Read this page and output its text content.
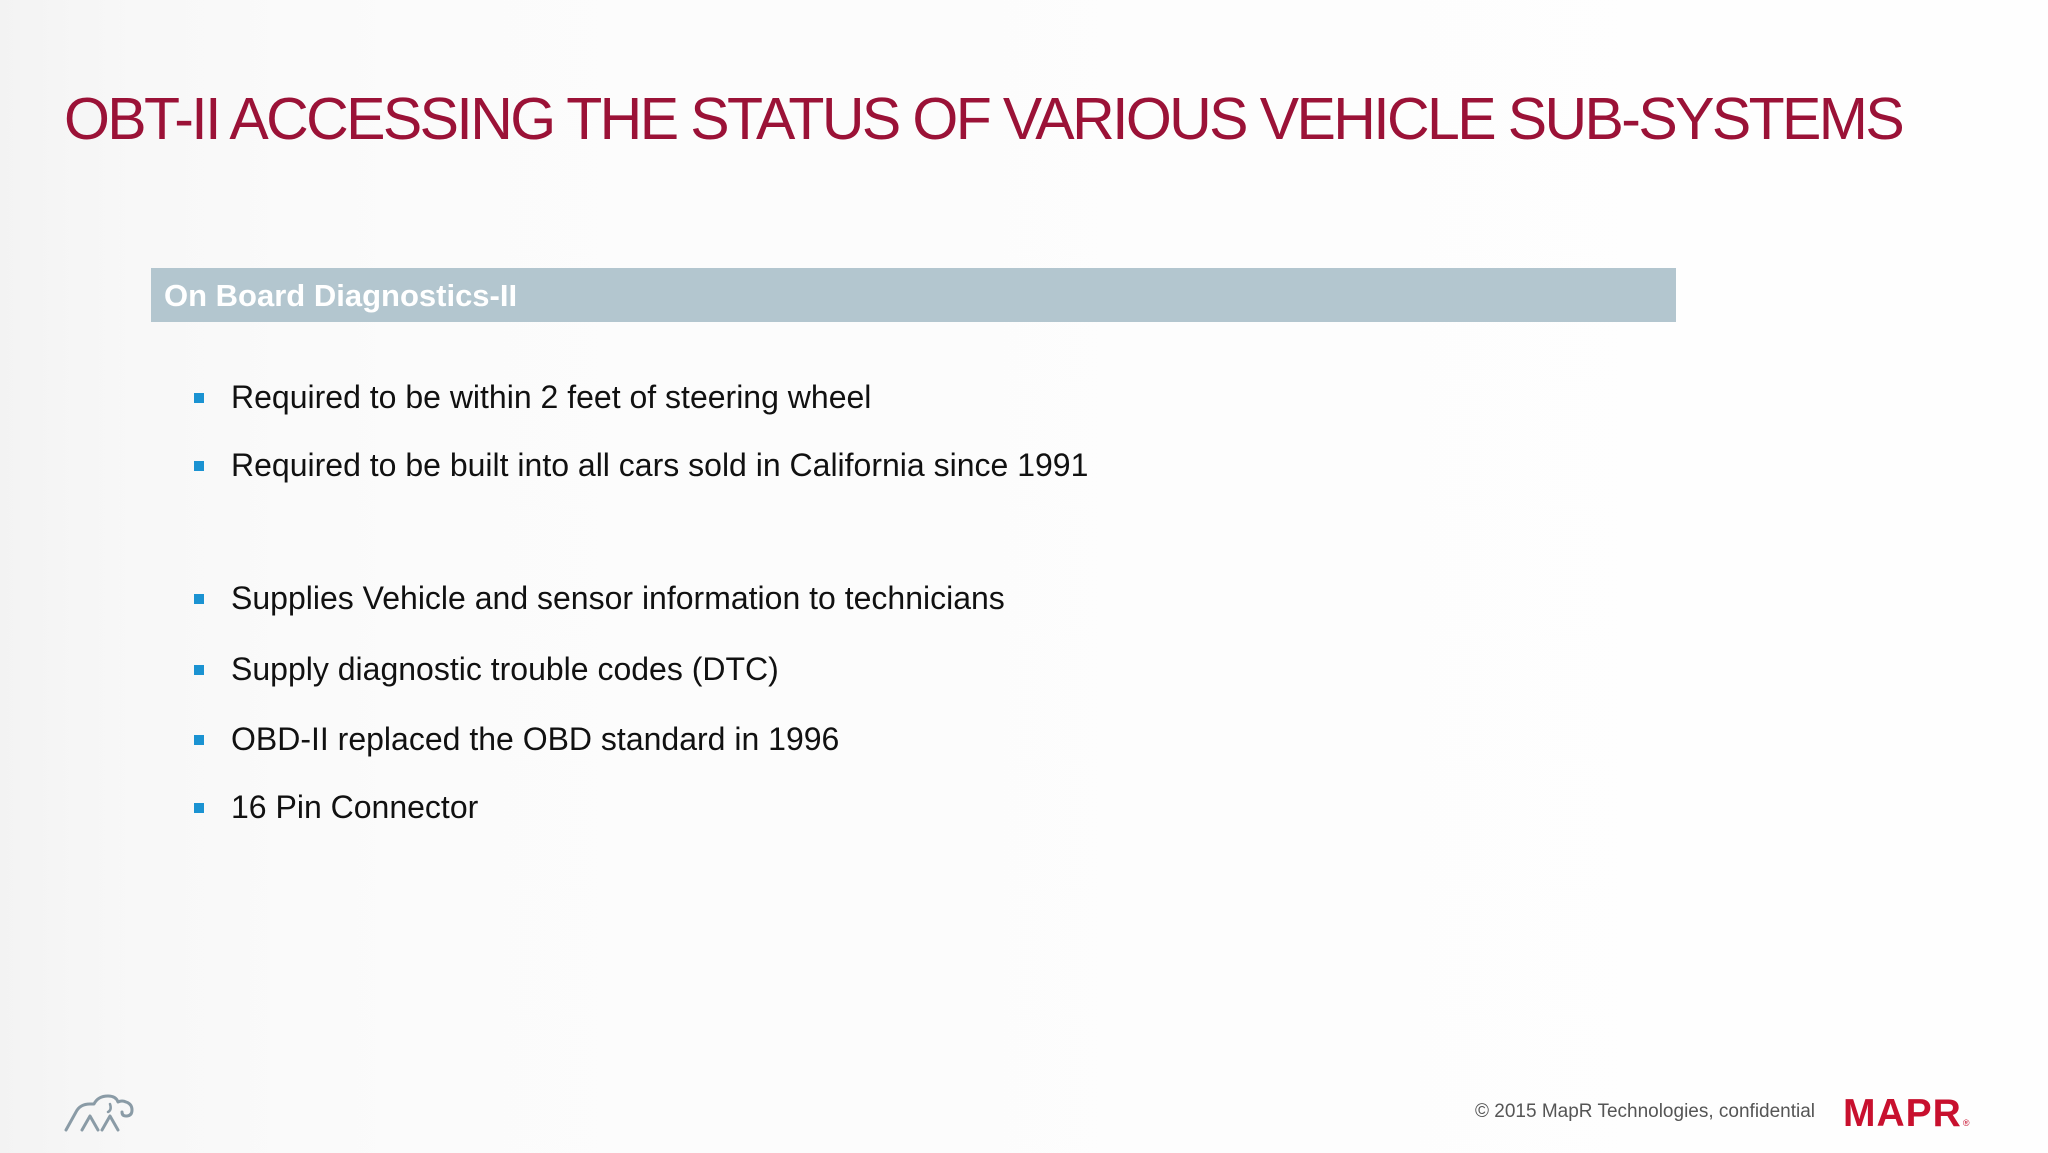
OBT-II ACCESSING THE STATUS OF VARIOUS VEHICLE SUB-SYSTEMS
On Board Diagnostics-II
Required to be within 2 feet of steering wheel
Required to be built into all cars sold in California since 1991
Supplies Vehicle and sensor information to technicians
Supply diagnostic trouble codes (DTC)
OBD-II replaced the OBD standard in 1996
16 Pin Connector
© 2015 MapR Technologies, confidential MAPR®
